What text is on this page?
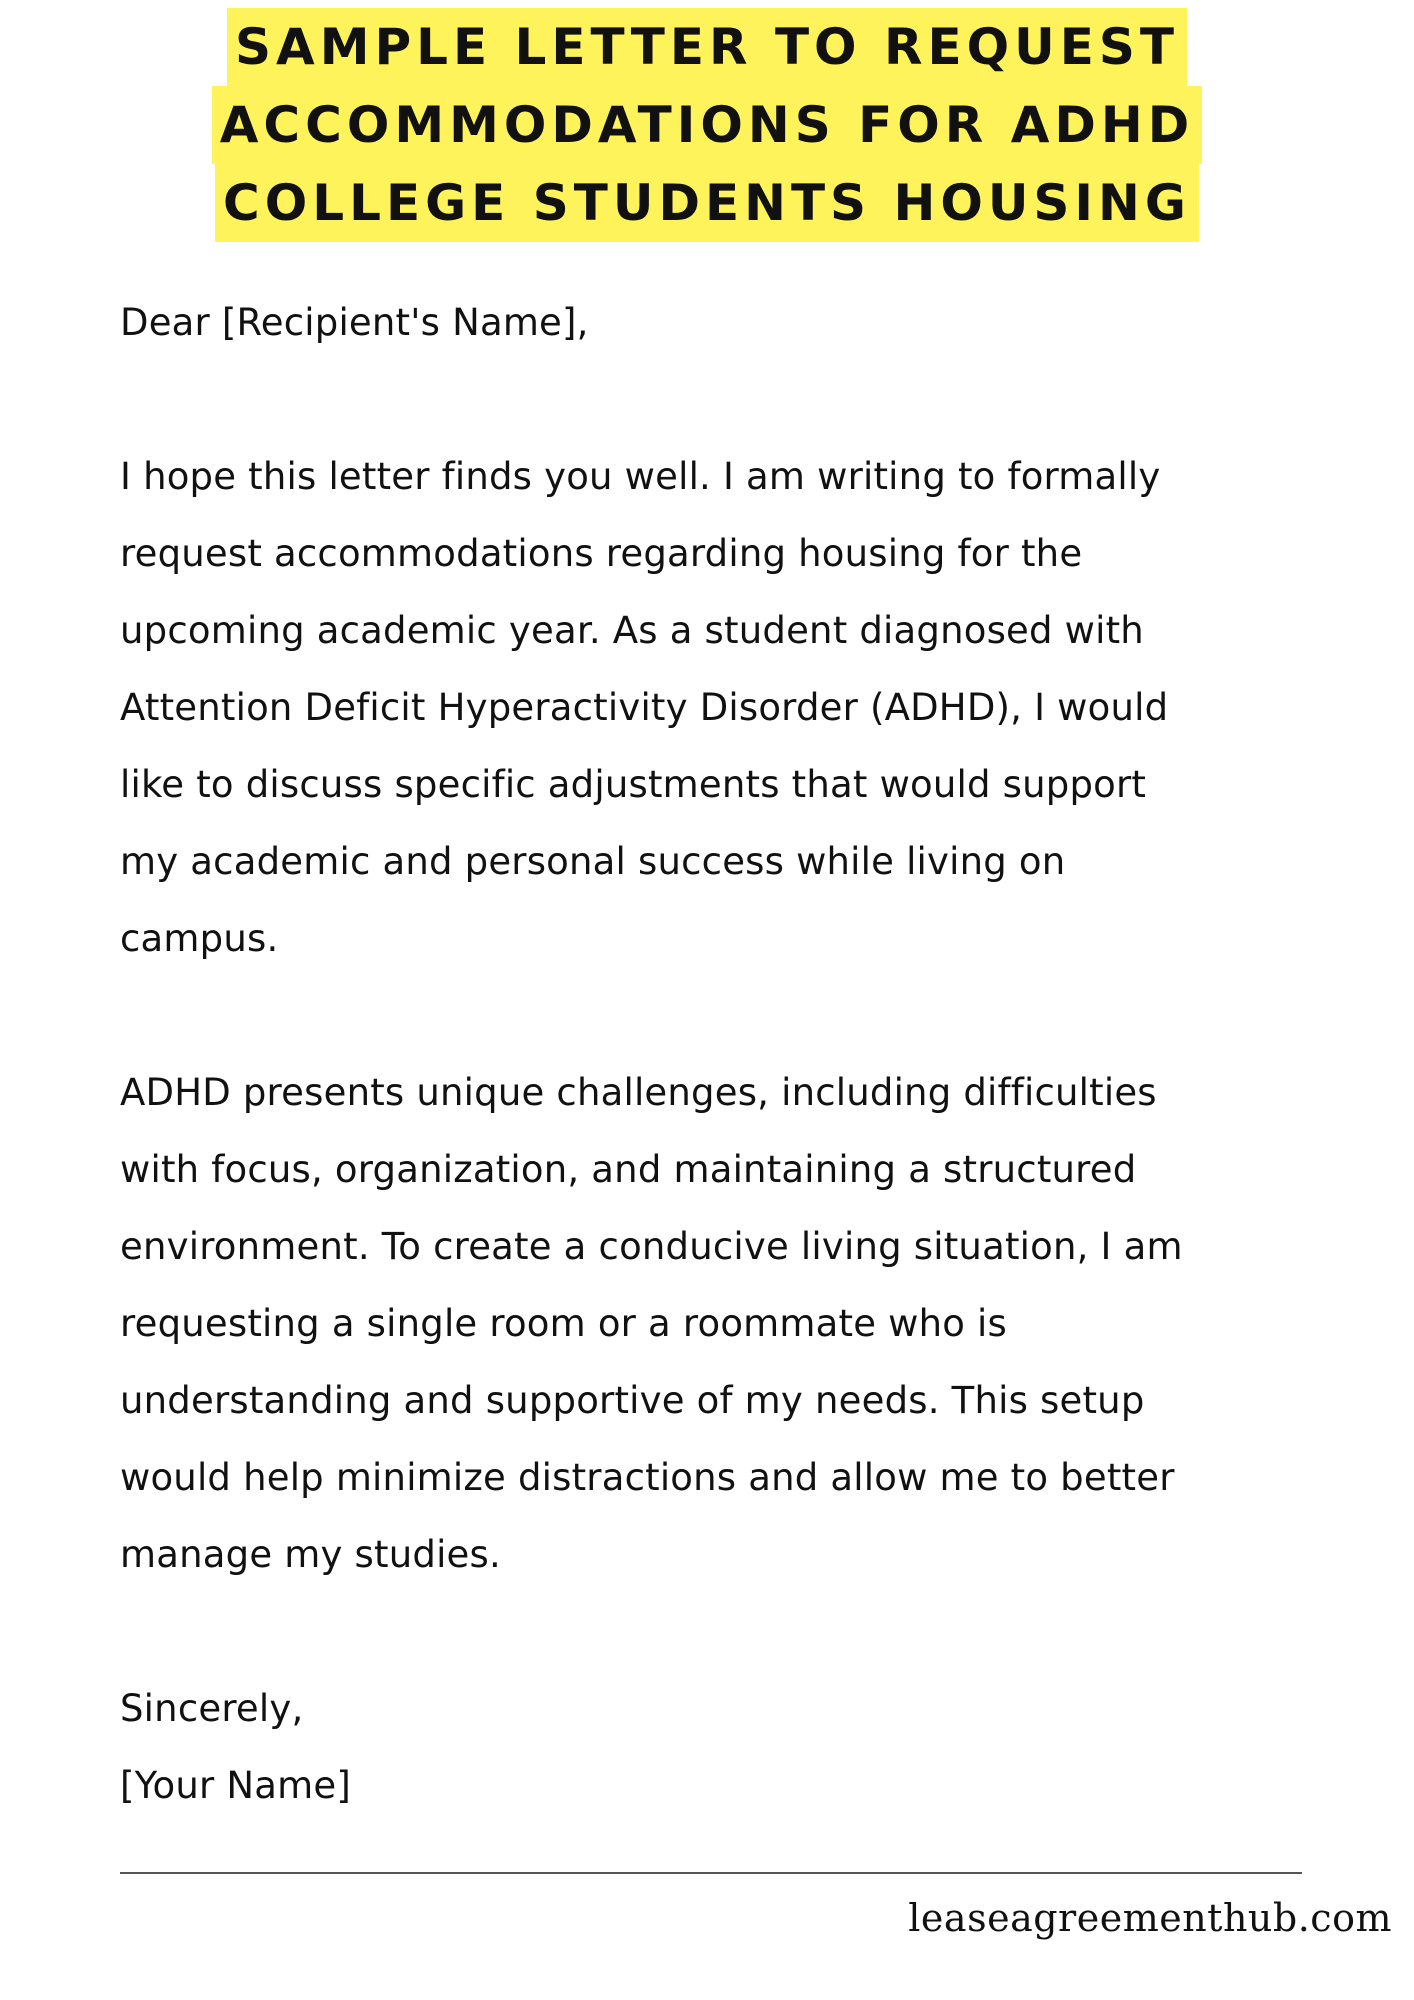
SAMPLE LETTER TO REQUEST
ACCOMMODATIONS FOR ADHD
COLLEGE STUDENTS HOUSING

Dear [Recipient's Name],

I hope this letter finds you well. I am writing to formally

request accommodations regarding housing for the

upcoming academic year. As a student diagnosed with

Attention Deficit Hyperactivity Disorder (ADHD), I would

like to discuss specific adjustments that would support

my academic and personal success while living on

campus.

ADHD presents unique challenges, including difficulties

with focus, organization, and maintaining a structured

environment. To create a conducive living situation, I am

requesting a single room or a roommate who is

understanding and supportive of my needs. This setup

would help minimize distractions and allow me to better

manage my studies.

Sincerely,

[Your Name]

leaseagreementhub.com
